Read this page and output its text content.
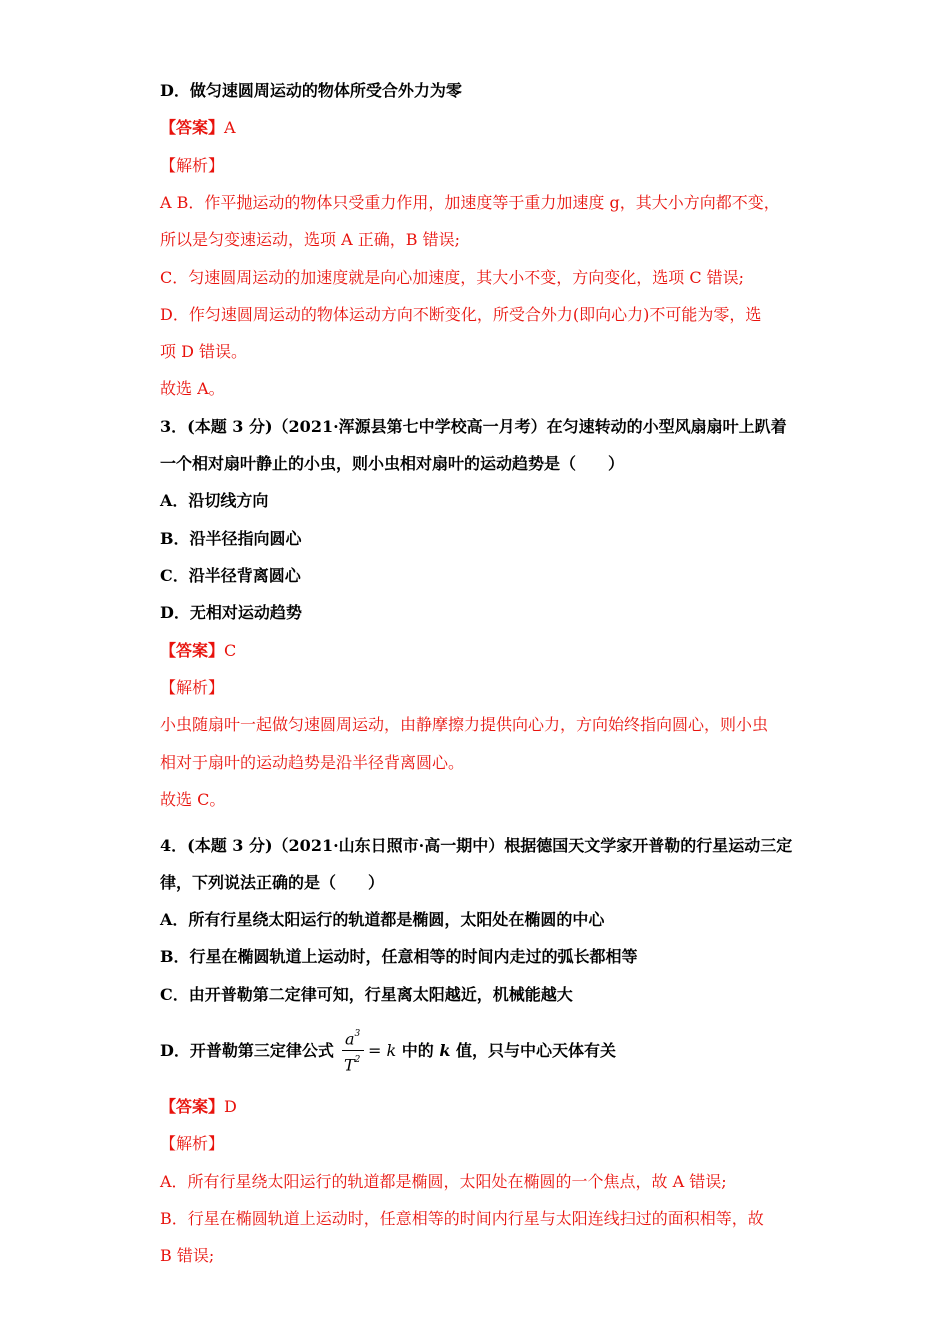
D．做匀速圆周运动的物体所受合外力为零
【答案】A
【解析】
A B．作平抛运动的物体只受重力作用，加速度等于重力加速度 g，其大小方向都不变，
所以是匀变速运动，选项 A 正确，B 错误;
C．匀速圆周运动的加速度就是向心加速度，其大小不变，方向变化，选项 C 错误;
D．作匀速圆周运动的物体运动方向不断变化，所受合外力(即向心力)不可能为零，选
项 D 错误。
故选 A。
3．(本题 3 分)（2021·浑源县第七中学校高一月考）在匀速转动的小型风扇扇叶上趴着
一个相对扇叶静止的小虫，则小虫相对扇叶的运动趋势是（　　）
A．沿切线方向
B．沿半径指向圆心
C．沿半径背离圆心
D．无相对运动趋势
【答案】C
【解析】
小虫随扇叶一起做匀速圆周运动，由静摩擦力提供向心力，方向始终指向圆心，则小虫
相对于扇叶的运动趋势是沿半径背离圆心。
故选 C。
4．(本题 3 分)（2021·山东日照市·高一期中）根据德国天文学家开普勒的行星运动三定
律，下列说法正确的是（　　）
A．所有行星绕太阳运行的轨道都是椭圆，太阳处在椭圆的中心
B．行星在椭圆轨道上运动时，任意相等的时间内走过的弧长都相等
C．由开普勒第二定律可知，行星离太阳越近，机械能越大
D．开普勒第三定律公式
$a^3$
$T^2 = k$ 中的 k 值，只与中心天体有关
【答案】D
【解析】
A．所有行星绕太阳运行的轨道都是椭圆，太阳处在椭圆的一个焦点，故 A 错误;
B．行星在椭圆轨道上运动时，任意相等的时间内行星与太阳连线扫过的面积相等，故
B 错误;
